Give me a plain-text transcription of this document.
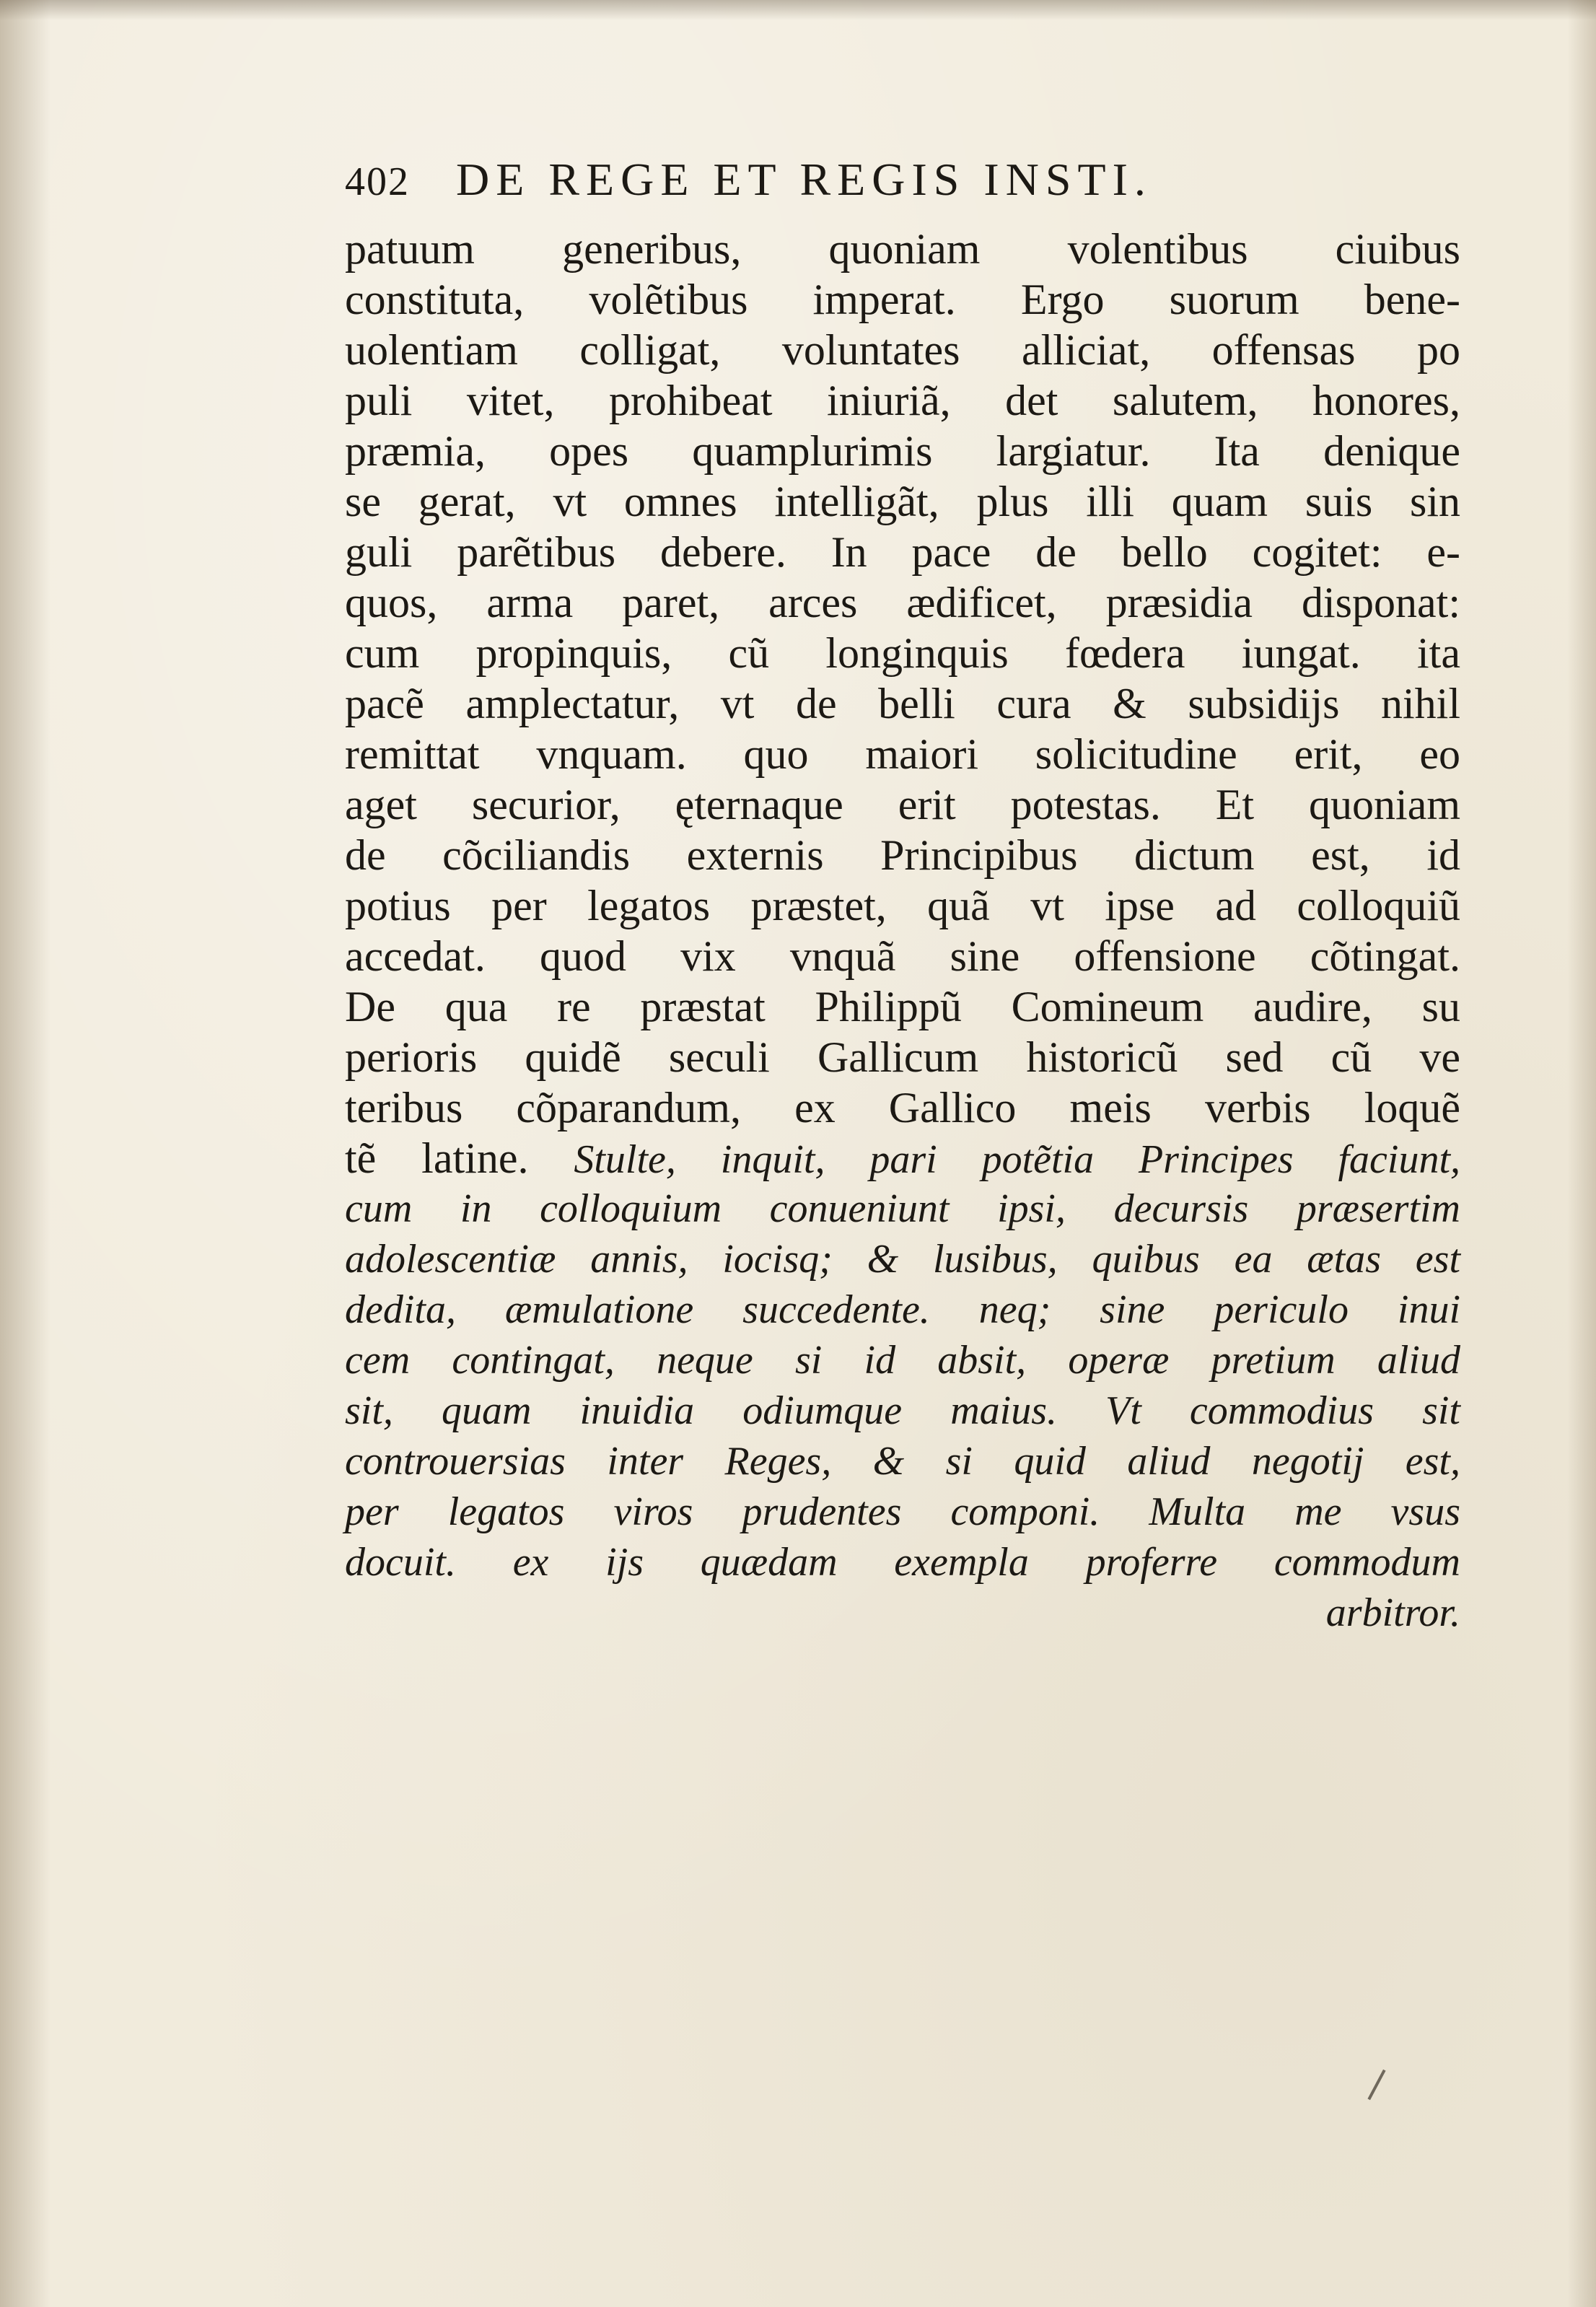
402 DE REGE ET REGIS INSTI.
patuum generibus, quoniam volentibus ciuibus
constituta, volẽtibus imperat. Ergo suorum bene-
uolentiam colligat, voluntates alliciat, offensas po
puli vitet, prohibeat iniuriã, det salutem, honores,
præmia, opes quamplurimis largiatur. Ita denique
se gerat, vt omnes intelligãt, plus illi quam suis sin
guli parẽtibus debere. In pace de bello cogitet: e-
quos, arma paret, arces ædificet, præsidia disponat:
cum propinquis, cũ longinquis fœdera iungat. ita
pacẽ amplectatur, vt de belli cura & subsidijs nihil
remittat vnquam. quo maiori solicitudine erit, eo
aget securior, ęternaque erit potestas. Et quoniam
de cõciliandis externis Principibus dictum est, id
potius per legatos præstet, quã vt ipse ad colloquiũ
accedat. quod vix vnquã sine offensione cõtingat.
De qua re præstat Philippũ Comineum audire, su
perioris quidẽ seculi Gallicum historicũ sed cũ ve
teribus cõparandum, ex Gallico meis verbis loquẽ
tẽ latine. Stulte, inquit, pari potẽtia Principes faciunt,
cum in colloquium conueniunt ipsi, decursis præsertim
adolescentiæ annis, iocisq; & lusibus, quibus ea ætas est
dedita, æmulatione succedente. neq; sine periculo inui
cem contingat, neque si id absit, operæ pretium aliud
sit, quam inuidia odiumque maius. Vt commodius sit
controuersias inter Reges, & si quid aliud negotij est,
per legatos viros prudentes componi. Multa me vsus
docuit. ex ijs quædam exempla proferre commodum
arbitror.
